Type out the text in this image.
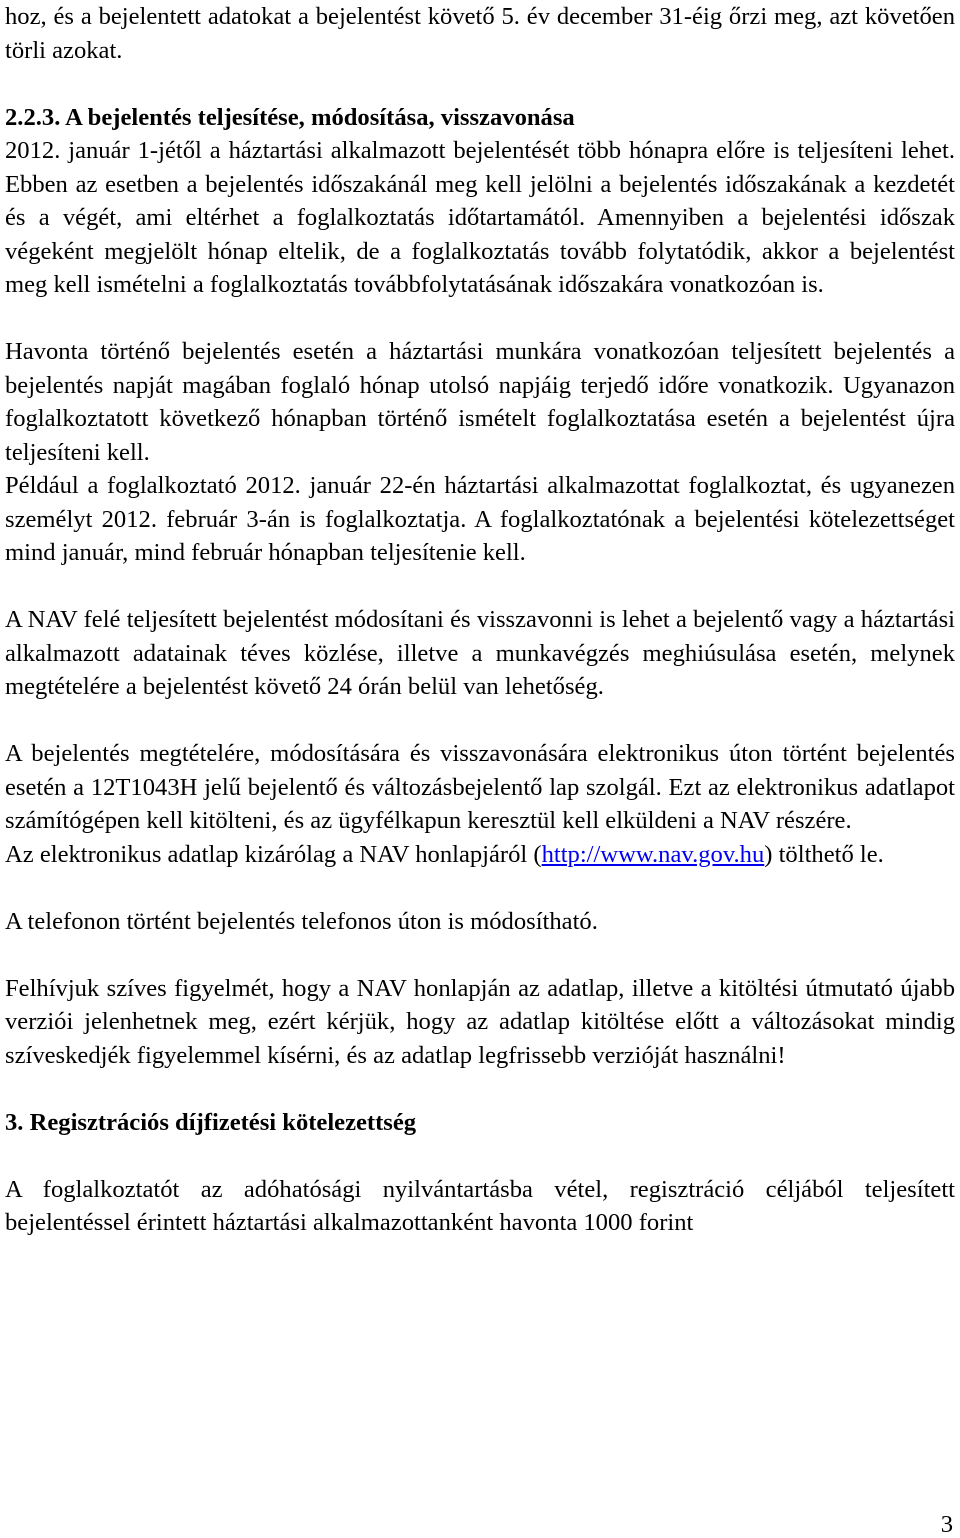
hoz, és a bejelentett adatokat a bejelentést követő 5. év december 31-éig őrzi meg, azt követően törli azokat.

2.2.3. A bejelentés teljesítése, módosítása, visszavonása

2012. január 1-jétől a háztartási alkalmazott bejelentését több hónapra előre is teljesíteni lehet. Ebben az esetben a bejelentés időszakánál meg kell jelölni a bejelentés időszakának a kezdetét és a végét, ami eltérhet a foglalkoztatás időtartamától. Amennyiben a bejelentési időszak végeként megjelölt hónap eltelik, de a foglalkoztatás tovább folytatódik, akkor a bejelentést meg kell ismételni a foglalkoztatás továbbfolytatásának időszakára vonatkozóan is.

Havonta történő bejelentés esetén a háztartási munkára vonatkozóan teljesített bejelentés a bejelentés napját magában foglaló hónap utolsó napjáig terjedő időre vonatkozik. Ugyanazon foglalkoztatott következő hónapban történő ismételt foglalkoztatása esetén a bejelentést újra teljesíteni kell.

Például a foglalkoztató 2012. január 22-én háztartási alkalmazottat foglalkoztat, és ugyanezen személyt 2012. február 3-án is foglalkoztatja. A foglalkoztatónak a bejelentési kötelezettséget mind január, mind február hónapban teljesítenie kell.

A NAV felé teljesített bejelentést módosítani és visszavonni is lehet a bejelentő vagy a háztartási alkalmazott adatainak téves közlése, illetve a munkavégzés meghiúsulása esetén, melynek megtételére a bejelentést követő 24 órán belül van lehetőség.

A bejelentés megtételére, módosítására és visszavonására elektronikus úton történt bejelentés esetén a 12T1043H jelű bejelentő és változásbejelentő lap szolgál. Ezt az elektronikus adatlapot számítógépen kell kitölteni, és az ügyfélkapun keresztül kell elküldeni a NAV részére.

Az elektronikus adatlap kizárólag a NAV honlapjáról (http://www.nav.gov.hu) tölthető le.

A telefonon történt bejelentés telefonos úton is módosítható.

Felhívjuk szíves figyelmét, hogy a NAV honlapján az adatlap, illetve a kitöltési útmutató újabb verziói jelenhetnek meg, ezért kérjük, hogy az adatlap kitöltése előtt a változásokat mindig szíveskedjék figyelemmel kísérni, és az adatlap legfrissebb verzióját használni!

3. Regisztrációs díjfizetési kötelezettség

A foglalkoztatót az adóhatósági nyilvántartásba vétel, regisztráció céljából teljesített bejelentéssel érintett háztartási alkalmazottanként havonta 1000 forint

3
